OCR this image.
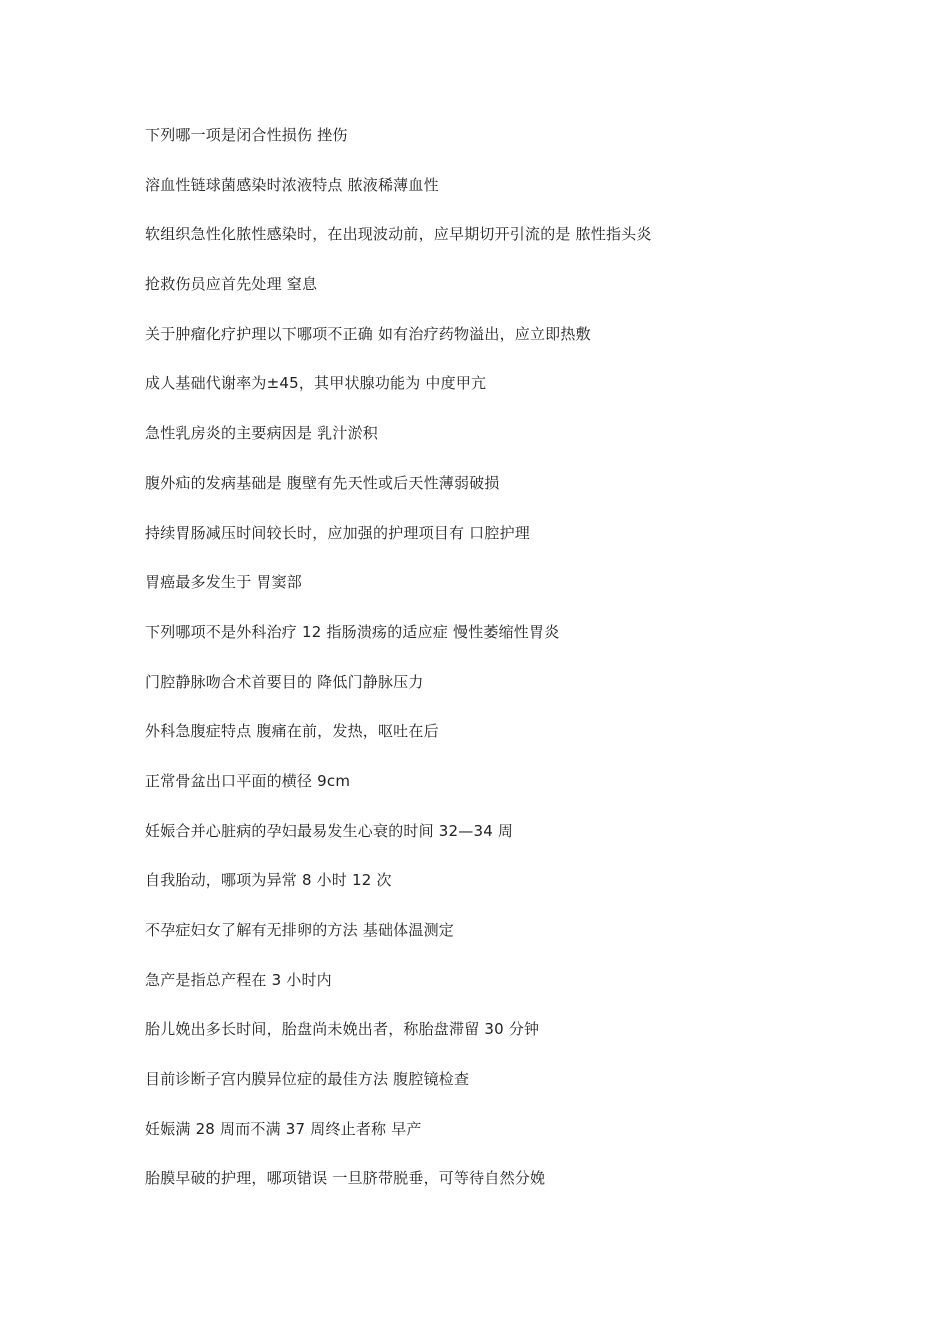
下列哪一项是闭合性损伤 挫伤
溶血性链球菌感染时浓液特点 脓液稀薄血性
软组织急性化脓性感染时，在出现波动前，应早期切开引流的是 脓性指头炎
抢救伤员应首先处理 窒息
关于肿瘤化疗护理以下哪项不正确 如有治疗药物溢出，应立即热敷
成人基础代谢率为±45，其甲状腺功能为 中度甲亢
急性乳房炎的主要病因是 乳汁淤积
腹外疝的发病基础是 腹壁有先天性或后天性薄弱破损
持续胃肠减压时间较长时，应加强的护理项目有 口腔护理
胃癌最多发生于 胃窦部
下列哪项不是外科治疗 12 指肠溃疡的适应症 慢性萎缩性胃炎
门腔静脉吻合术首要目的 降低门静脉压力
外科急腹症特点 腹痛在前，发热，呕吐在后
正常骨盆出口平面的横径 9cm
妊娠合并心脏病的孕妇最易发生心衰的时间 32—34 周
自我胎动，哪项为异常 8 小时 12 次
不孕症妇女了解有无排卵的方法 基础体温测定
急产是指总产程在 3 小时内
胎儿娩出多长时间，胎盘尚未娩出者，称胎盘滞留 30 分钟
目前诊断子宫内膜异位症的最佳方法 腹腔镜检查
妊娠满 28 周而不满 37 周终止者称 早产
胎膜早破的护理，哪项错误 一旦脐带脱垂，可等待自然分娩
